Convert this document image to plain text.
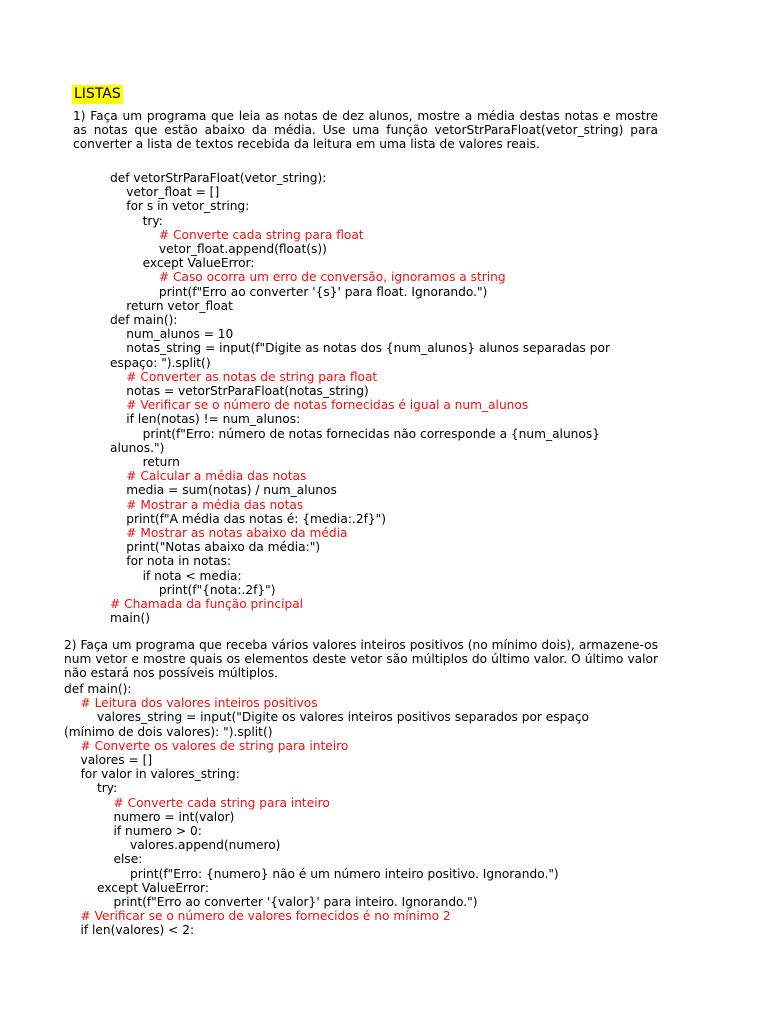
LISTAS
1) Faça um programa que leia as notas de dez alunos, mostre a média destas notas e mostre as notas que estão abaixo da média. Use uma função vetorStrParaFloat(vetor_string) para converter a lista de textos recebida da leitura em uma lista de valores reais.
def vetorStrParaFloat(vetor_string):
vetor_float = []
for s in vetor_string:
try:
# Converte cada string para float
vetor_float.append(float(s))
except ValueError:
# Caso ocorra um erro de conversão, ignoramos a string
print(f"Erro ao converter '{s}' para float. Ignorando.")
return vetor_float
def main():
num_alunos = 10
notas_string = input(f"Digite as notas dos {num_alunos} alunos separadas por
espaço: ").split()
# Converter as notas de string para float
notas = vetorStrParaFloat(notas_string)
# Verificar se o número de notas fornecidas é igual a num_alunos
if len(notas) != num_alunos:
print(f"Erro: número de notas fornecidas não corresponde a {num_alunos}
alunos.")
return
# Calcular a média das notas
media = sum(notas) / num_alunos
# Mostrar a média das notas
print(f"A média das notas é: {media:.2f}")
# Mostrar as notas abaixo da média
print("Notas abaixo da média:")
for nota in notas:
if nota < media:
print(f"{nota:.2f}")
# Chamada da função principal
main()
2) Faça um programa que receba vários valores inteiros positivos (no mínimo dois), armazene-os num vetor e mostre quais os elementos deste vetor são múltiplos do último valor. O último valor não estará nos possíveis múltiplos.
def main():
# Leitura dos valores inteiros positivos
valores_string = input("Digite os valores inteiros positivos separados por espaço
(mínimo de dois valores): ").split()
# Converte os valores de string para inteiro
valores = []
for valor in valores_string:
try:
# Converte cada string para inteiro
numero = int(valor)
if numero > 0:
valores.append(numero)
else:
print(f"Erro: {numero} não é um número inteiro positivo. Ignorando.")
except ValueError:
print(f"Erro ao converter '{valor}' para inteiro. Ignorando.")
# Verificar se o número de valores fornecidos é no mínimo 2
if len(valores) < 2:
